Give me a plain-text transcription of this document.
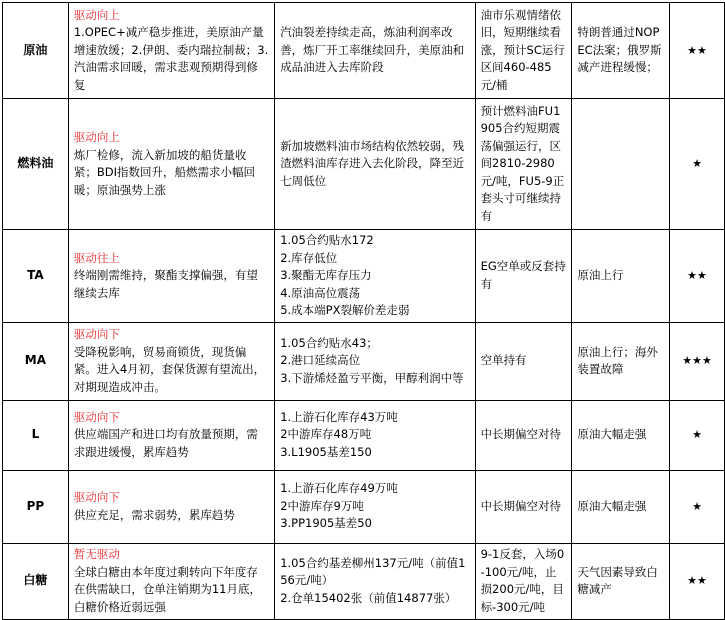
原油	驱动向上
1.OPEC+减产稳步推进，美原油产量增速放缓；2.伊朗、委内瑞拉制裁；3.汽油需求回暖，需求悲观预期得到修复	汽油裂差持续走高，炼油利润率改善，炼厂开工率继续回升，美原油和成品油进入去库阶段	油市乐观情绪依旧，短期继续看涨，预计SC运行区间460-485元/桶	特朗普通过NOPEC法案；俄罗斯减产进程缓慢；	★★
燃料油	驱动向上
炼厂检修，流入新加坡的船货量收紧；BDI指数回升，船燃需求小幅回暖；原油强势上涨	新加坡燃料油市场结构依然较弱，残渣燃料油库存进入去化阶段，降至近七周低位	预计燃料油FU1905合约短期震荡偏强运行，区间2810-2980元/吨，FU5-9正套头寸可继续持有		★
TA	驱动往上
终端刚需维持，聚酯支撑偏强，有望继续去库	1.05合约贴水172
2.库存低位
3.聚酯无库存压力
4.原油高位震荡
5.成本端PX裂解价差走弱	EG空单或反套持有	原油上行	★★
MA	驱动向下
受降税影响，贸易商锁货，现货偏紧。进入4月初，套保货源有望流出，对期现造成冲击。	1.05合约贴水43；
2.港口延续高位
3.下游烯烃盈亏平衡，甲醇利润中等	空单持有	原油上行；海外装置故障	★★★
L	驱动向下
供应端国产和进口均有放量预期，需求跟进缓慢，累库趋势	1.上游石化库存43万吨
2中游库存48万吨
3.L1905基差150	中长期偏空对待	原油大幅走强	★
PP	驱动向下
供应充足，需求弱势，累库趋势	1.上游石化库存49万吨
2中游库存9万吨
3.PP1905基差50	中长期偏空对待	原油大幅走强	★
白糖	暂无驱动
全球白糖由本年度过剩转向下年度存在供需缺口，仓单注销期为11月底，白糖价格近弱远强	1.05合约基差柳州137元/吨（前值156元/吨）
2.仓单15402张（前值14877张）	9-1反套，入场0-100元/吨，止损200元/吨，目标-300元/吨	天气因素导致白糖减产	★★
